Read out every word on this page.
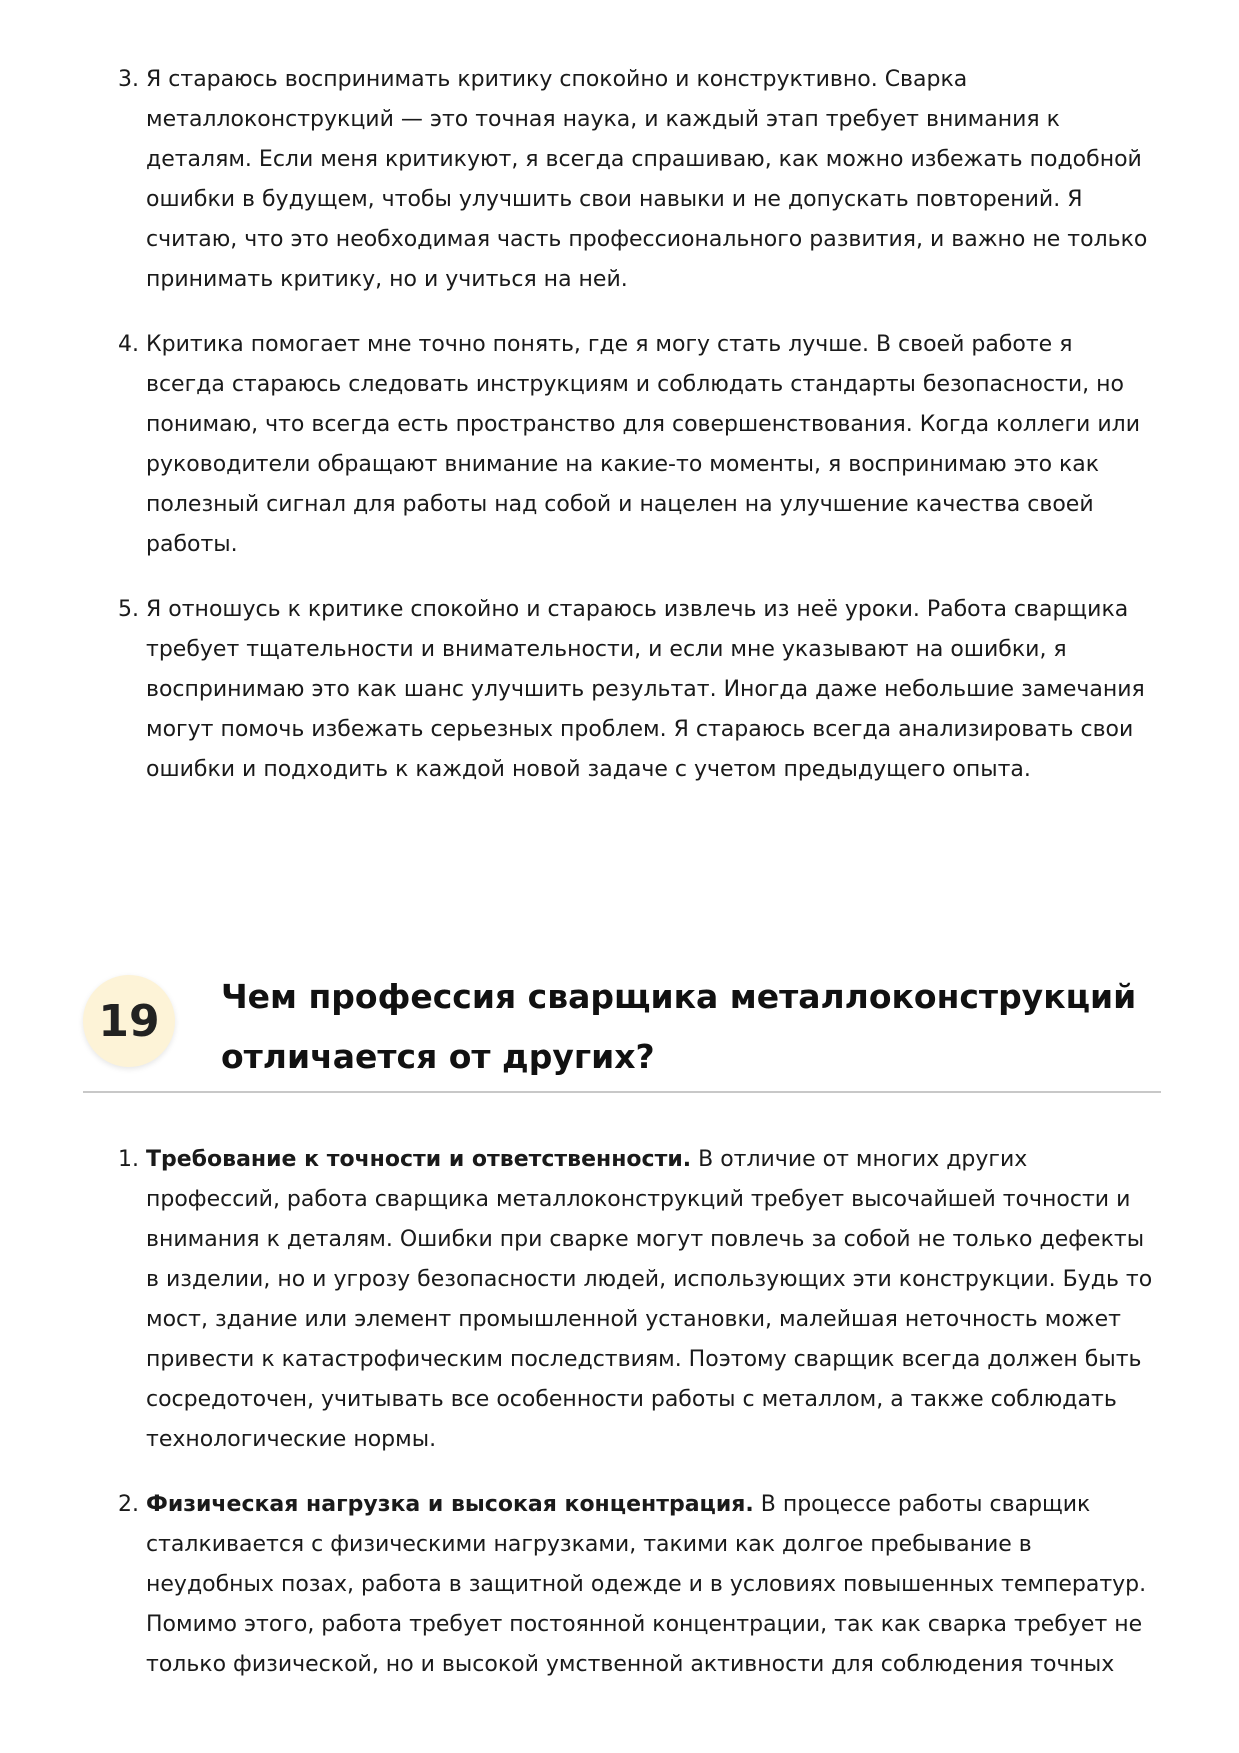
3. Я стараюсь воспринимать критику спокойно и конструктивно. Сварка металлоконструкций — это точная наука, и каждый этап требует внимания к деталям. Если меня критикуют, я всегда спрашиваю, как можно избежать подобной ошибки в будущем, чтобы улучшить свои навыки и не допускать повторений. Я считаю, что это необходимая часть профессионального развития, и важно не только принимать критику, но и учиться на ней.
4. Критика помогает мне точно понять, где я могу стать лучше. В своей работе я всегда стараюсь следовать инструкциям и соблюдать стандарты безопасности, но понимаю, что всегда есть пространство для совершенствования. Когда коллеги или руководители обращают внимание на какие-то моменты, я воспринимаю это как полезный сигнал для работы над собой и нацелен на улучшение качества своей работы.
5. Я отношусь к критике спокойно и стараюсь извлечь из неё уроки. Работа сварщика требует тщательности и внимательности, и если мне указывают на ошибки, я воспринимаю это как шанс улучшить результат. Иногда даже небольшие замечания могут помочь избежать серьезных проблем. Я стараюсь всегда анализировать свои ошибки и подходить к каждой новой задаче с учетом предыдущего опыта.
19	Чем профессия сварщика металлоконструкций отличается от других?
1. Требование к точности и ответственности. В отличие от многих других профессий, работа сварщика металлоконструкций требует высочайшей точности и внимания к деталям. Ошибки при сварке могут повлечь за собой не только дефекты в изделии, но и угрозу безопасности людей, использующих эти конструкции. Будь то мост, здание или элемент промышленной установки, малейшая неточность может привести к катастрофическим последствиям. Поэтому сварщик всегда должен быть сосредоточен, учитывать все особенности работы с металлом, а также соблюдать технологические нормы.
2. Физическая нагрузка и высокая концентрация. В процессе работы сварщик сталкивается с физическими нагрузками, такими как долгое пребывание в неудобных позах, работа в защитной одежде и в условиях повышенных температур. Помимо этого, работа требует постоянной концентрации, так как сварка требует не только физической, но и высокой умственной активности для соблюдения точных
